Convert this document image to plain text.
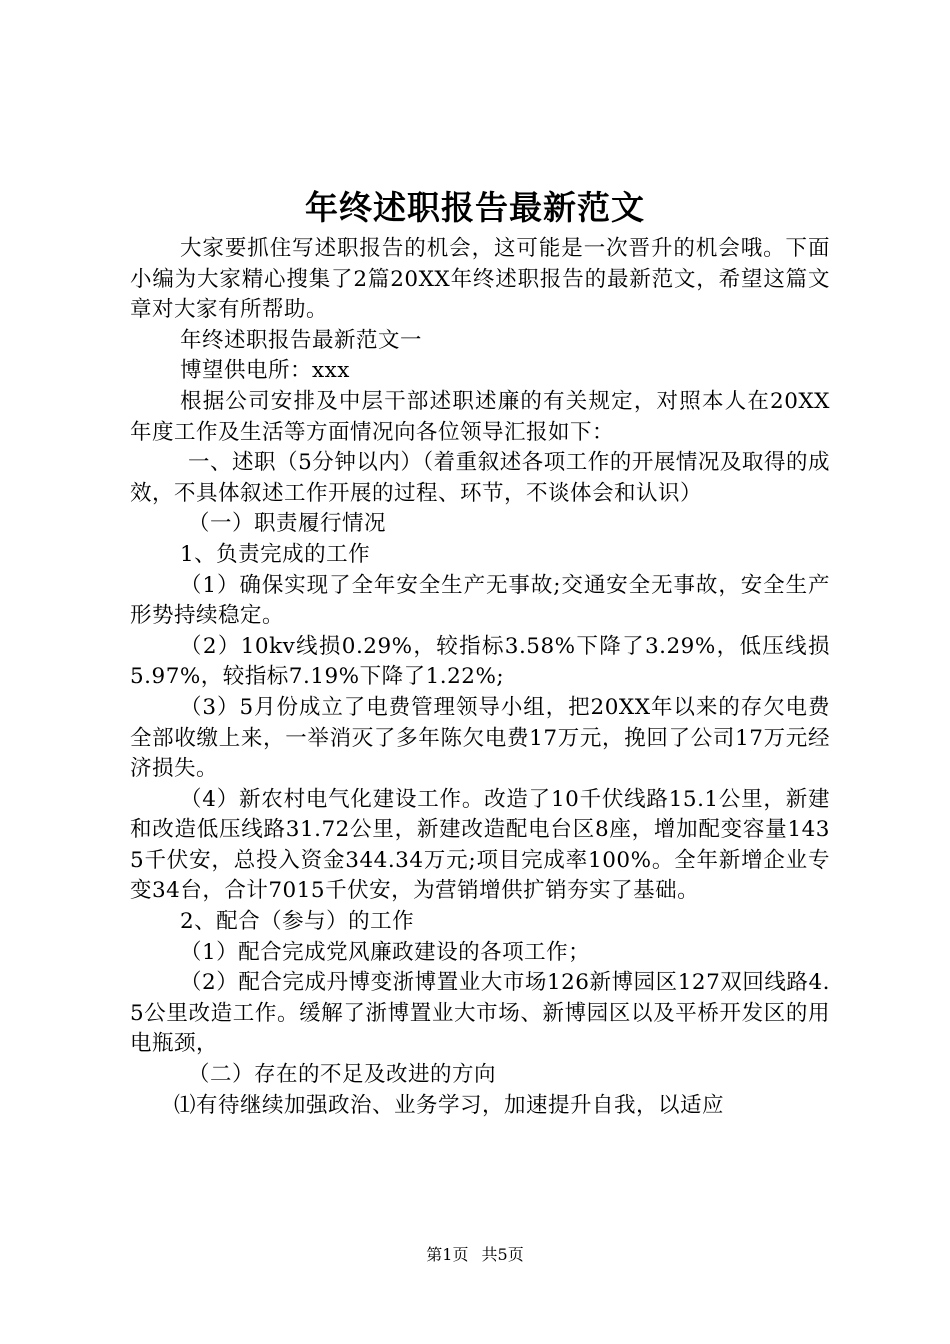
年终述职报告最新范文

大家要抓住写述职报告的机会，这可能是一次晋升的机会哦。下面小编为大家精心搜集了2篇20XX年终述职报告的最新范文，希望这篇文章对大家有所帮助。

年终述职报告最新范文一

博望供电所：xxx

根据公司安排及中层干部述职述廉的有关规定，对照本人在20XX年度工作及生活等方面情况向各位领导汇报如下：

一、述职（5分钟以内）（着重叙述各项工作的开展情况及取得的成效，不具体叙述工作开展的过程、环节，不谈体会和认识）

（一）职责履行情况

1、负责完成的工作

（1）确保实现了全年安全生产无事故;交通安全无事故，安全生产形势持续稳定。

（2）10kv线损0.29%，较指标3.58%下降了3.29%，低压线损5.97%，较指标7.19%下降了1.22%;

（3）5月份成立了电费管理领导小组，把20XX年以来的存欠电费全部收缴上来，一举消灭了多年陈欠电费17万元，挽回了公司17万元经济损失。

（4）新农村电气化建设工作。改造了10千伏线路15.1公里，新建和改造低压线路31.72公里，新建改造配电台区8座，增加配变容量1435千伏安，总投入资金344.34万元;项目完成率100%。全年新增企业专变34台，合计7015千伏安，为营销增供扩销夯实了基础。

2、配合（参与）的工作

（1）配合完成党风廉政建设的各项工作；

（2）配合完成丹博变浙博置业大市场126新博园区127双回线路4.5公里改造工作。缓解了浙博置业大市场、新博园区以及平桥开发区的用电瓶颈，

（二）存在的不足及改进的方向

⑴有待继续加强政治、业务学习，加速提升自我，以适应

第1页 共5页
